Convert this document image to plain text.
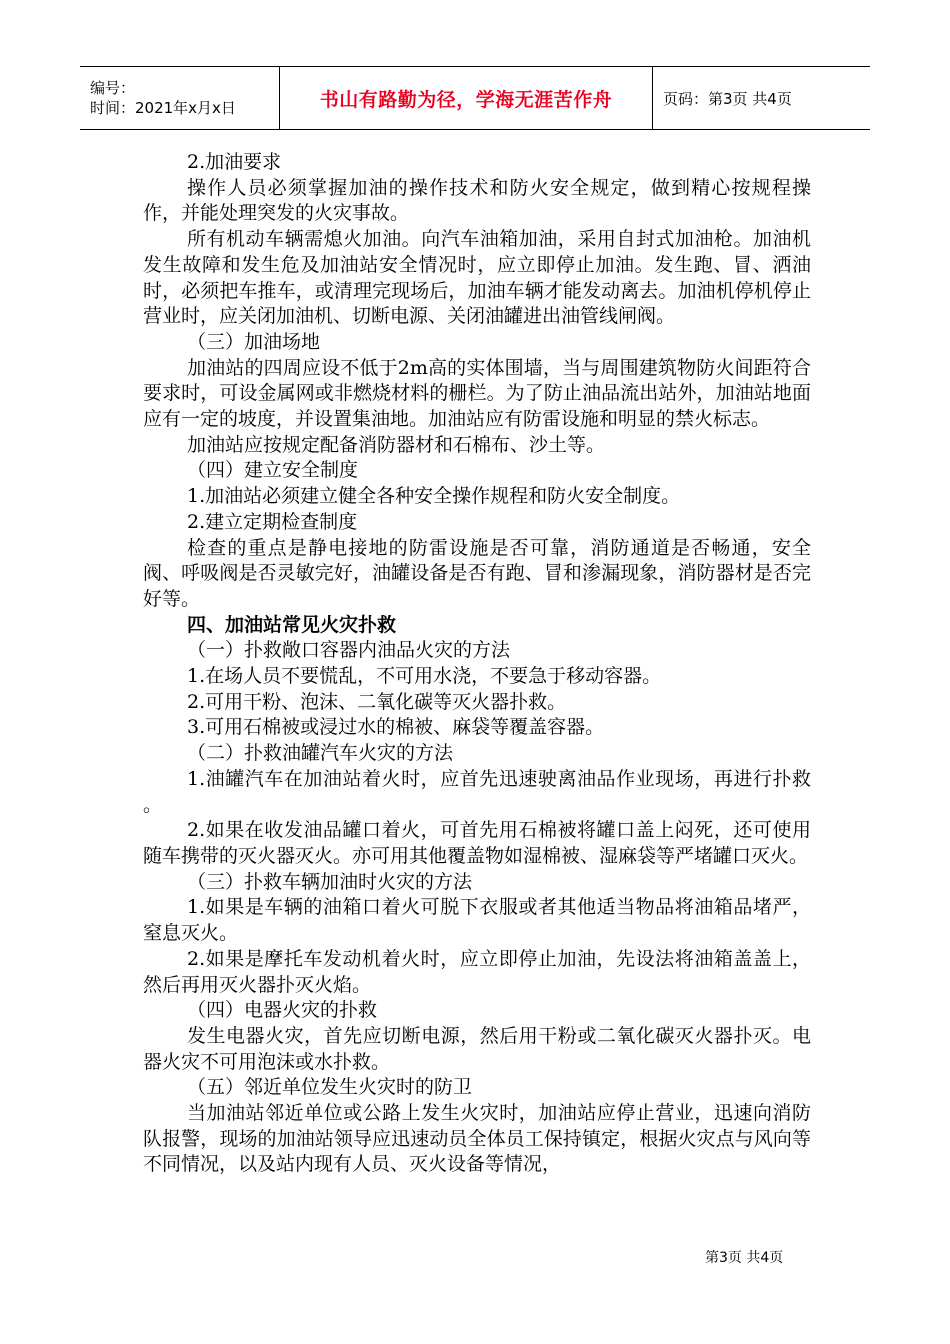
编号：
时间：2021年x月x日	书山有路勤为径，学海无涯苦作舟	页码：第3页 共4页

2.加油要求

操作人员必须掌握加油的操作技术和防火安全规定，做到精心按规程操作，并能处理突发的火灾事故。

所有机动车辆需熄火加油。向汽车油箱加油，采用自封式加油枪。加油机发生故障和发生危及加油站安全情况时，应立即停止加油。发生跑、冒、洒油时，必须把车推车，或清理完现场后，加油车辆才能发动离去。加油机停机停止营业时，应关闭加油机、切断电源、关闭油罐进出油管线闸阀。

（三）加油场地

加油站的四周应设不低于2m高的实体围墙，当与周围建筑物防火间距符合要求时，可设金属网或非燃烧材料的栅栏。为了防止油品流出站外，加油站地面应有一定的坡度，并设置集油地。加油站应有防雷设施和明显的禁火标志。

加油站应按规定配备消防器材和石棉布、沙土等。

（四）建立安全制度

1.加油站必须建立健全各种安全操作规程和防火安全制度。

2.建立定期检查制度

检查的重点是静电接地的防雷设施是否可靠，消防通道是否畅通，安全阀、呼吸阀是否灵敏完好，油罐设备是否有跑、冒和渗漏现象，消防器材是否完好等。

四、加油站常见火灾扑救

（一）扑救敞口容器内油品火灾的方法

1.在场人员不要慌乱，不可用水浇，不要急于移动容器。

2.可用干粉、泡沫、二氧化碳等灭火器扑救。

3.可用石棉被或浸过水的棉被、麻袋等覆盖容器。

（二）扑救油罐汽车火灾的方法

1.油罐汽车在加油站着火时，应首先迅速驶离油品作业现场，再进行扑救 。

2.如果在收发油品罐口着火，可首先用石棉被将罐口盖上闷死，还可使用随车携带的灭火器灭火。亦可用其他覆盖物如湿棉被、湿麻袋等严堵罐口灭火。

（三）扑救车辆加油时火灾的方法

1.如果是车辆的油箱口着火可脱下衣服或者其他适当物品将油箱品堵严，窒息灭火。

2.如果是摩托车发动机着火时，应立即停止加油，先设法将油箱盖盖上，然后再用灭火器扑灭火焰。

（四）电器火灾的扑救

发生电器火灾，首先应切断电源，然后用干粉或二氧化碳灭火器扑灭。电器火灾不可用泡沫或水扑救。

（五）邻近单位发生火灾时的防卫

当加油站邻近单位或公路上发生火灾时，加油站应停止营业，迅速向消防队报警，现场的加油站领导应迅速动员全体员工保持镇定，根据火灾点与风向等不同情况，以及站内现有人员、灭火设备等情况，

第3页 共4页
